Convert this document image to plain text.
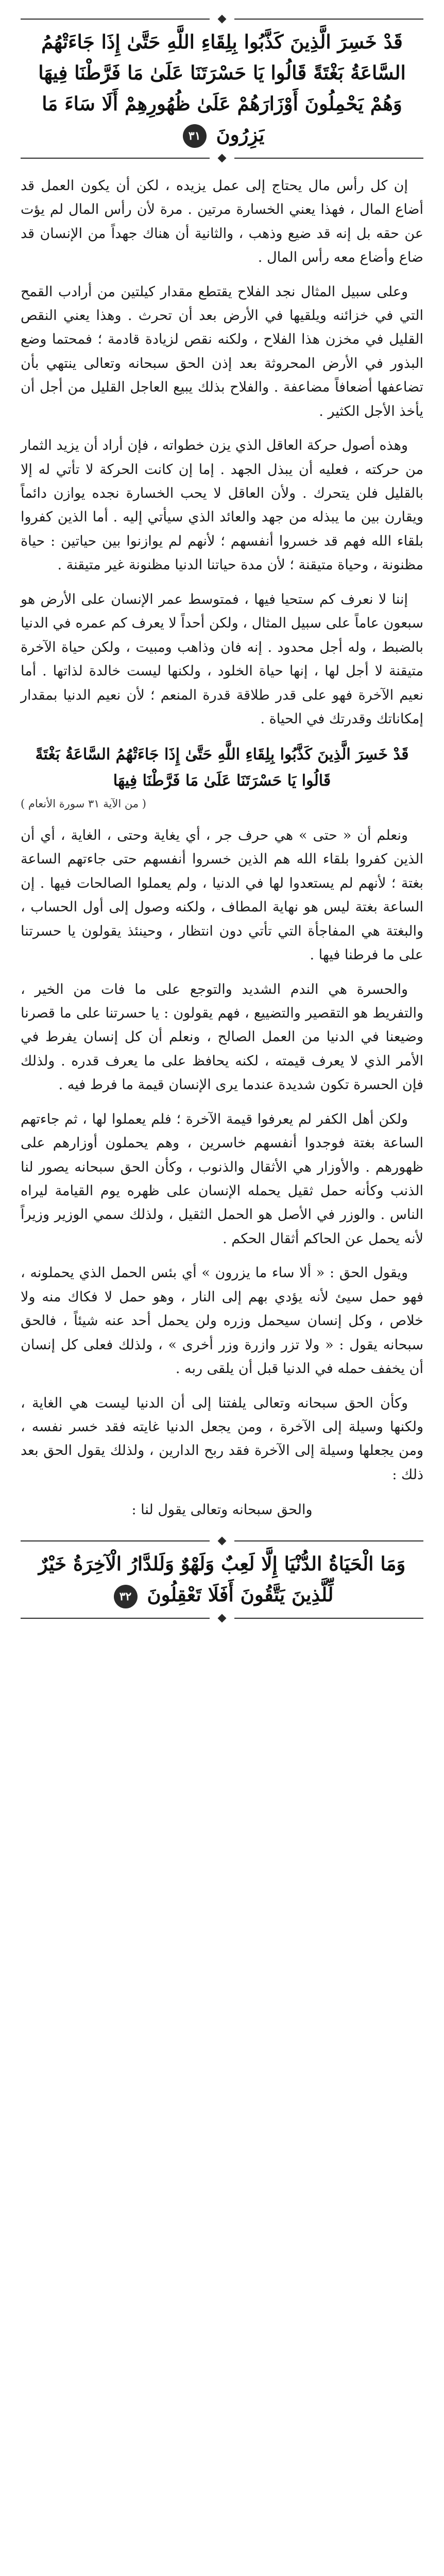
قَدْ خَسِرَ الَّذِينَ كَذَّبُوا بِلِقَاءِ اللَّهِ حَتَّىٰ إِذَا جَاءَتْهُمُ السَّاعَةُ بَغْتَةً قَالُوا يَا حَسْرَتَنَا عَلَىٰ مَا فَرَّطْنَا فِيهَا وَهُمْ يَحْمِلُونَ أَوْزَارَهُمْ عَلَىٰ ظُهُورِهِمْ أَلَا سَاءَ مَا يَزِرُونَ ٣١

إن كل رأس مال يحتاج إلى عمل يزيده ، لكن أن يكون العمل قد أضاع المال ، فهذا يعني الخسارة مرتين . مرة لأن رأس المال لم يؤت عن حقه بل إنه قد ضيع وذهب ، والثانية أن هناك جهداً من الإنسان قد ضاع وأضاع معه رأس المال .

وعلى سبيل المثال نجد الفلاح يقتطع مقدار كيلتين من أرادب القمح التي في خزائنه ويلقيها في الأرض بعد أن تحرث . وهذا يعني النقص القليل في مخزن هذا الفلاح ، ولكنه نقص لزيادة قادمة ؛ فمحتما وضع البذور في الأرض المحروثة بعد إذن الحق سبحانه وتعالى ينتهي بأن تضاعفها أضعافاً مضاعفة . والفلاح بذلك يبيع العاجل القليل من أجل أن يأخذ الأجل الكثير .

وهذه أصول حركة العاقل الذي يزن خطواته ، فإن أراد أن يزيد الثمار من حركته ، فعليه أن يبذل الجهد . إما إن كانت الحركة لا تأتي له إلا بالقليل فلن يتحرك . ولأن العاقل لا يحب الخسارة نجده يوازن دائماً ويقارن بين ما يبذله من جهد والعائد الذي سيأتي إليه . أما الذين كفروا بلقاء الله فهم قد خسروا أنفسهم ؛ لأنهم لم يوازنوا بين حياتين : حياة مظنونة ، وحياة متيقنة ؛ لأن مدة حياتنا الدنيا مظنونة غير متيقنة .

إننا لا نعرف كم ستحيا فيها ، فمتوسط عمر الإنسان على الأرض هو سبعون عاماً على سبيل المثال ، ولكن أحداً لا يعرف كم عمره في الدنيا بالضبط ، وله أجل محدود . إنه فان وذاهب ومبيت ، ولكن حياة الآخرة متيقنة لا أجل لها ، إنها حياة الخلود ، ولكنها ليست خالدة لذاتها . أما نعيم الآخرة فهو على قدر طلاقة قدرة المنعم ؛ لأن نعيم الدنيا بمقدار إمكاناتك وقدرتك في الحياة .

قَدْ خَسِرَ الَّذِينَ كَذَّبُوا بِلِقَاءِ اللَّهِ حَتَّىٰ إِذَا جَاءَتْهُمُ السَّاعَةُ بَغْتَةً قَالُوا يَا حَسْرَتَنَا عَلَىٰ مَا فَرَّطْنَا فِيهَا
( من الآية ٣١ سورة الأنعام )

ونعلم أن « حتى » هي حرف جر ، أي يغاية وحتى ، الغاية ، أي أن الذين كفروا بلقاء الله هم الذين خسروا أنفسهم حتى جاءتهم الساعة بغتة ؛ لأنهم لم يستعدوا لها في الدنيا ، ولم يعملوا الصالحات فيها . إن الساعة بغتة ليس هو نهاية المطاف ، ولكنه وصول إلى أول الحساب ، والبغتة هي المفاجأة التي تأتي دون انتظار ، وحينئذ يقولون يا حسرتنا على ما فرطنا فيها .

والحسرة هي الندم الشديد والتوجع على ما فات من الخير ، والتفريط هو التقصير والتضييع ، فهم يقولون : يا حسرتنا على ما قصرنا وضيعنا في الدنيا من العمل الصالح ، ونعلم أن كل إنسان يفرط في الأمر الذي لا يعرف قيمته ، لكنه يحافظ على ما يعرف قدره . ولذلك فإن الحسرة تكون شديدة عندما يرى الإنسان قيمة ما فرط فيه .

ولكن أهل الكفر لم يعرفوا قيمة الآخرة ؛ فلم يعملوا لها ، ثم جاءتهم الساعة بغتة فوجدوا أنفسهم خاسرين ، وهم يحملون أوزارهم على ظهورهم . والأوزار هي الأثقال والذنوب ، وكأن الحق سبحانه يصور لنا الذنب وكأنه حمل ثقيل يحمله الإنسان على ظهره يوم القيامة ليراه الناس . والوزر في الأصل هو الحمل الثقيل ، ولذلك سمي الوزير وزيراً لأنه يحمل عن الحاكم أثقال الحكم .

ويقول الحق : « ألا ساء ما يزرون » أي بئس الحمل الذي يحملونه ، فهو حمل سيئ لأنه يؤدي بهم إلى النار ، وهو حمل لا فكاك منه ولا خلاص ، وكل إنسان سيحمل وزره ولن يحمل أحد عنه شيئاً ، فالحق سبحانه يقول : « ولا تزر وازرة وزر أخرى » ، ولذلك فعلى كل إنسان أن يخفف حمله في الدنيا قبل أن يلقى ربه .

وكأن الحق سبحانه وتعالى يلفتنا إلى أن الدنيا ليست هي الغاية ، ولكنها وسيلة إلى الآخرة ، ومن يجعل الدنيا غايته فقد خسر نفسه ، ومن يجعلها وسيلة إلى الآخرة فقد ربح الدارين ، ولذلك يقول الحق بعد ذلك :

والحق سبحانه وتعالى يقول لنا :
وَمَا الْحَيَاةُ الدُّنْيَا إِلَّا لَعِبٌ وَلَهْوٌ وَلَلدَّارُ الْآخِرَةُ خَيْرٌ لِّلَّذِينَ يَتَّقُونَ أَفَلَا تَعْقِلُونَ ٣٢
